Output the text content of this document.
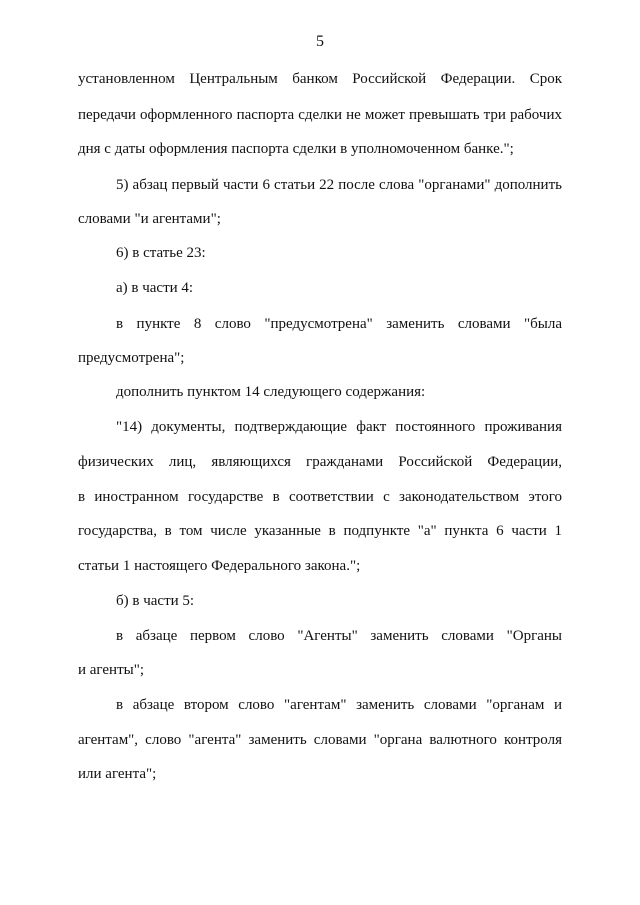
5
установленном Центральным банком Российской Федерации. Срок
передачи оформленного паспорта сделки не может превышать три рабочих
дня с даты оформления паспорта сделки в уполномоченном банке.";
5) абзац первый части 6 статьи 22 после слова "органами" дополнить
словами "и агентами";
6) в статье 23:
а) в части 4:
в пункте 8 слово "предусмотрена" заменить словами "была
предусмотрена";
дополнить пунктом 14 следующего содержания:
"14) документы, подтверждающие факт постоянного проживания
физических лиц, являющихся гражданами Российской Федерации,
в иностранном государстве в соответствии с законодательством этого
государства, в том числе указанные в подпункте "а" пункта 6 части 1
статьи 1 настоящего Федерального закона.";
б) в части 5:
в абзаце первом слово "Агенты" заменить словами "Органы
и агенты";
в абзаце втором слово "агентам" заменить словами "органам и
агентам", слово "агента" заменить словами "органа валютного контроля
или агента";
